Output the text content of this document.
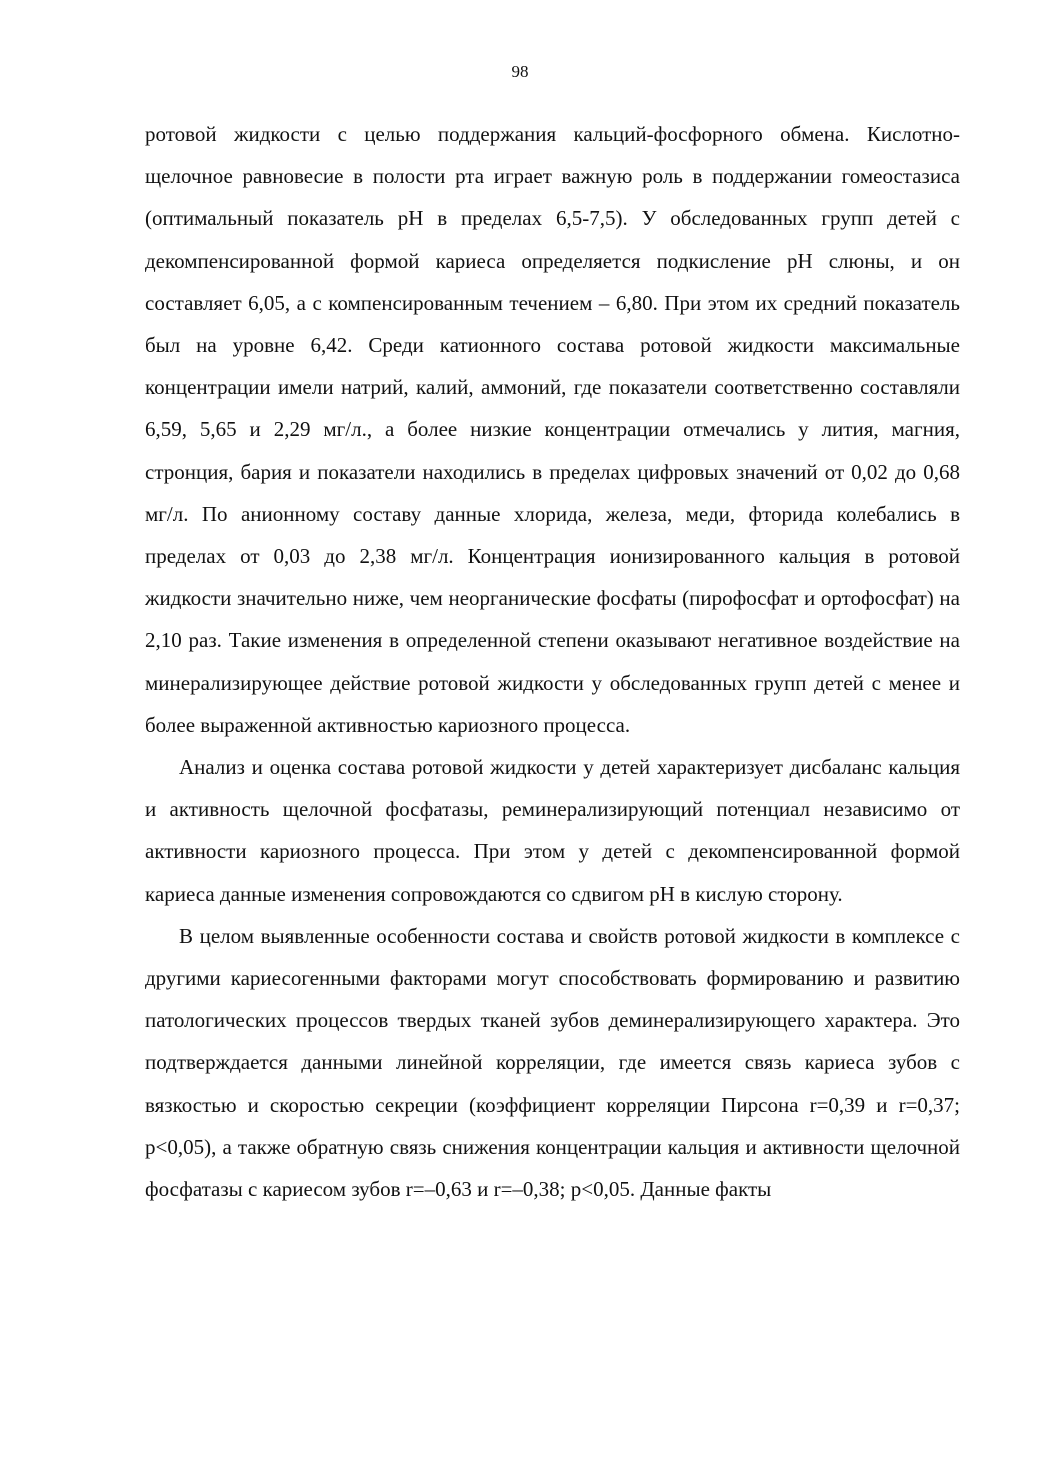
98

ротовой жидкости с целью поддержания кальций-фосфорного обмена. Кислотно-щелочное равновесие в полости рта играет важную роль в поддержании гомеостазиса (оптимальный показатель рН в пределах 6,5-7,5). У обследованных групп детей с декомпенсированной формой кариеса определяется подкисление рН слюны, и он составляет 6,05, а с компенсированным течением – 6,80. При этом их средний показатель был на уровне 6,42. Среди катионного состава ротовой жидкости максимальные концентрации имели натрий, калий, аммоний, где показатели соответственно составляли 6,59, 5,65 и 2,29 мг/л., а более низкие концентрации отмечались у лития, магния, стронция, бария и показатели находились в пределах цифровых значений от 0,02 до 0,68 мг/л. По анионному составу данные хлорида, железа, меди, фторида колебались в пределах от 0,03 до 2,38 мг/л. Концентрация ионизированного кальция в ротовой жидкости значительно ниже, чем неорганические фосфаты (пирофосфат и ортофосфат) на 2,10 раз. Такие изменения в определенной степени оказывают негативное воздействие на минерализирующее действие ротовой жидкости у обследованных групп детей с менее и более выраженной активностью кариозного процесса.

Анализ и оценка состава ротовой жидкости у детей характеризует дисбаланс кальция и активность щелочной фосфатазы, реминерализирующий потенциал независимо от активности кариозного процесса. При этом у детей с декомпенсированной формой кариеса данные изменения сопровождаются со сдвигом рН в кислую сторону.

В целом выявленные особенности состава и свойств ротовой жидкости в комплексе с другими кариесогенными факторами могут способствовать формированию и развитию патологических процессов твердых тканей зубов деминерализирующего характера. Это подтверждается данными линейной корреляции, где имеется связь кариеса зубов с вязкостью и скоростью секреции (коэффициент корреляции Пирсона r=0,39 и r=0,37; p<0,05), а также обратную связь снижения концентрации кальция и активности щелочной фосфатазы с кариесом зубов r=–0,63 и r=–0,38; p<0,05. Данные факты
